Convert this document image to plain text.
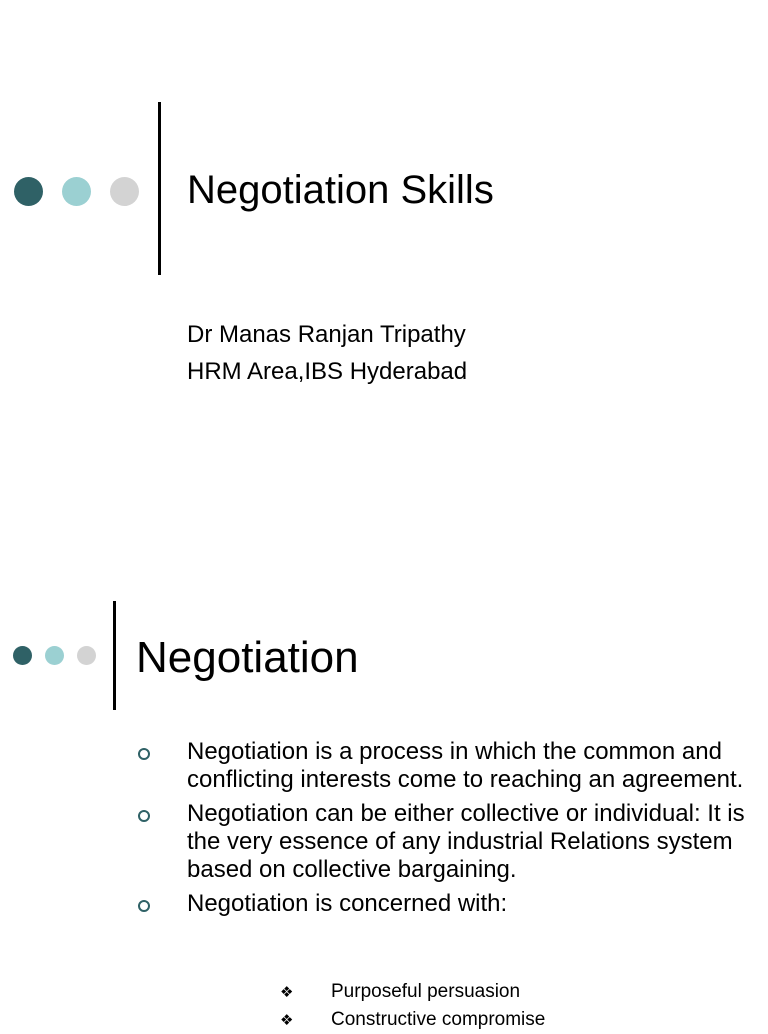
Negotiation Skills
Dr Manas Ranjan Tripathy
HRM Area,IBS Hyderabad
Negotiation
Negotiation is a process in which the common and conflicting interests come to reaching an agreement.
Negotiation can be either collective or individual: It is the very essence of any industrial Relations system based on collective bargaining.
Negotiation is concerned with:
❖ Purposeful persuasion
❖ Constructive compromise
